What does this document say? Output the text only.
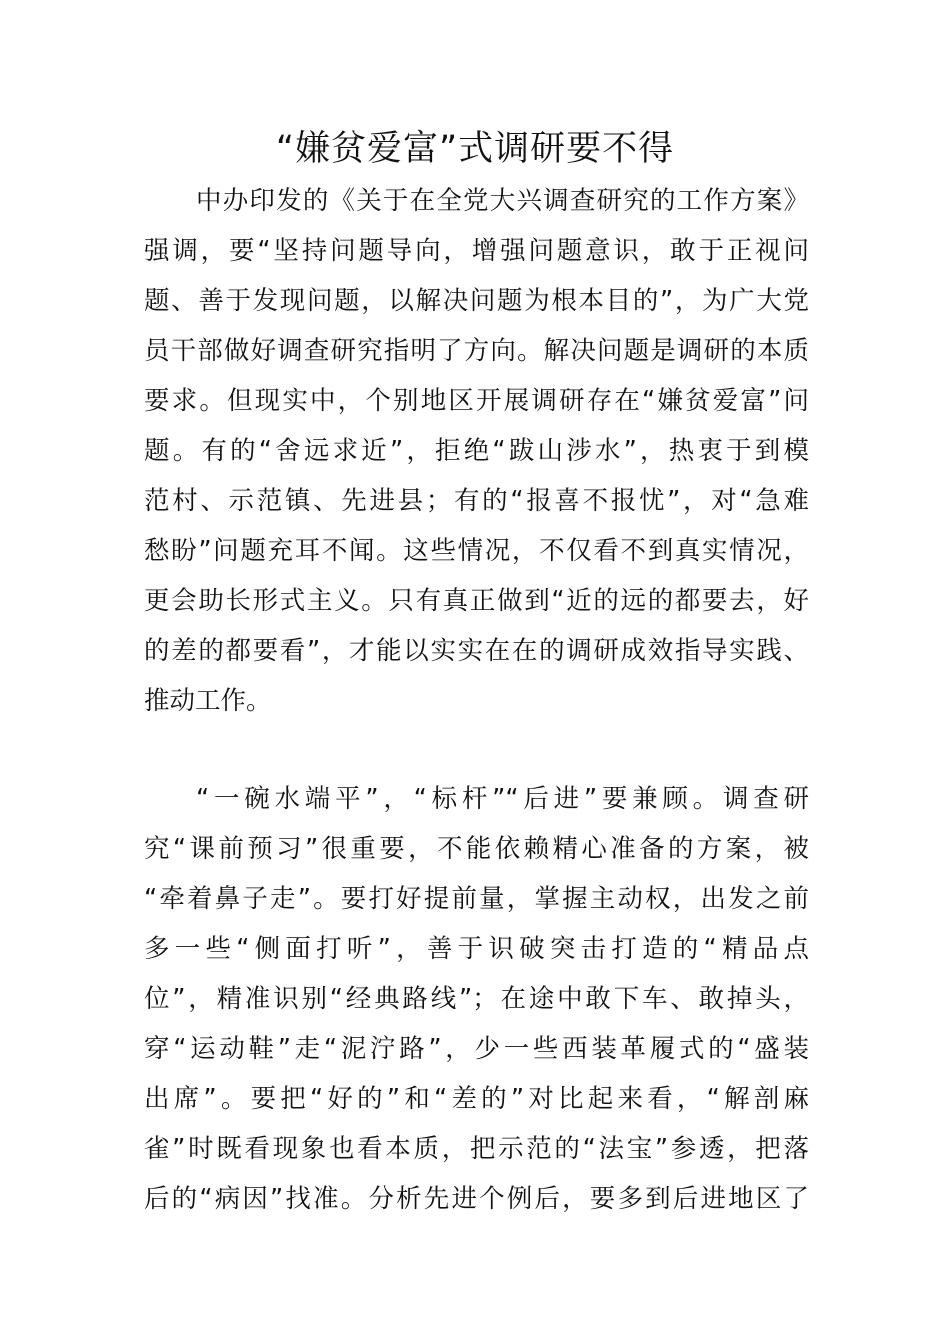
“嫌贫爱富”式调研要不得
中办印发的《关于在全党大兴调查研究的工作方案》
强调，要“坚持问题导向，增强问题意识，敢于正视问
题、善于发现问题，以解决问题为根本目的”，为广大党
员干部做好调查研究指明了方向。解决问题是调研的本质
要求。但现实中，个别地区开展调研存在“嫌贫爱富”问
题。有的“舍远求近”，拒绝“跋山涉水”，热衷于到模
范村、示范镇、先进县；有的“报喜不报忧”，对“急难
愁盼”问题充耳不闻。这些情况，不仅看不到真实情况，
更会助长形式主义。只有真正做到“近的远的都要去，好
的差的都要看”，才能以实实在在的调研成效指导实践、
推动工作。
“一碗水端平”，“标杆”“后进”要兼顾。调查研
究“课前预习”很重要，不能依赖精心准备的方案，被
“牵着鼻子走”。要打好提前量，掌握主动权，出发之前
多一些“侧面打听”，善于识破突击打造的“精品点
位”，精准识别“经典路线”；在途中敢下车、敢掉头，
穿“运动鞋”走“泥泞路”，少一些西装革履式的“盛装
出席”。要把“好的”和“差的”对比起来看，“解剖麻
雀”时既看现象也看本质，把示范的“法宝”参透，把落
后的“病因”找准。分析先进个例后，要多到后进地区了
